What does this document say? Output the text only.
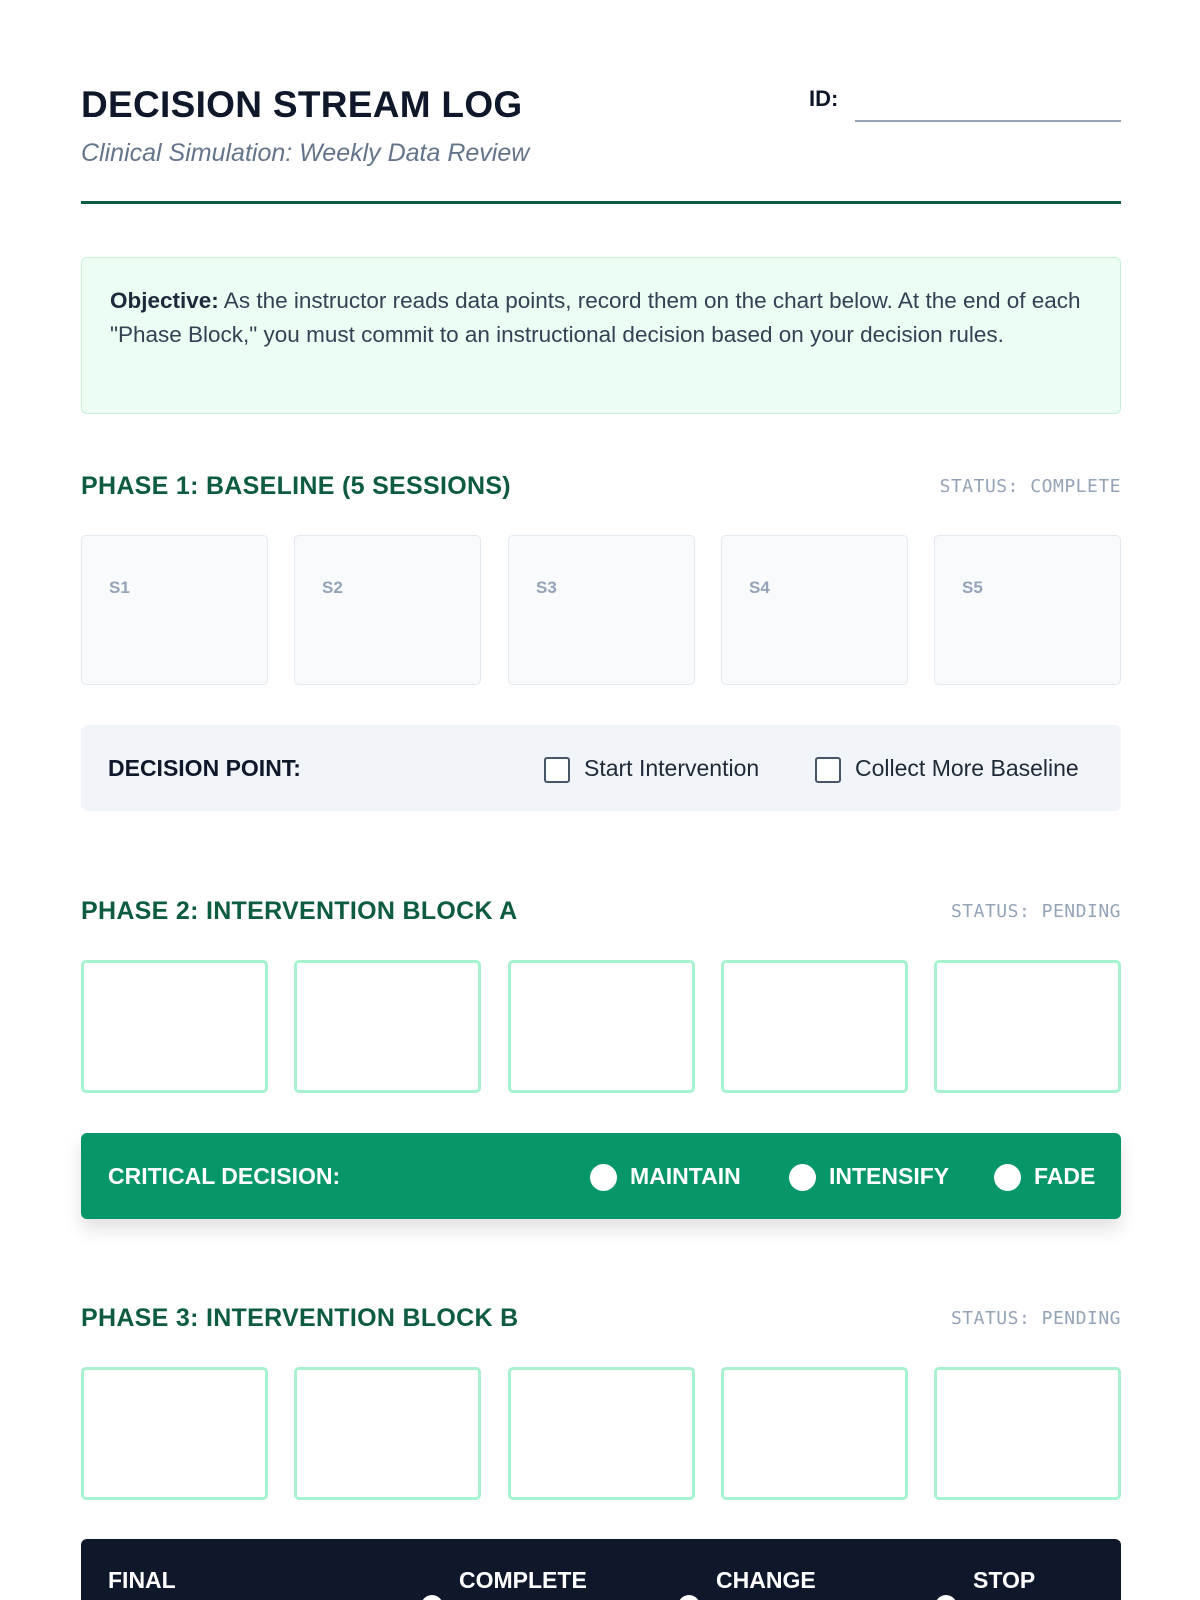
DECISION STREAM LOG
Clinical Simulation: Weekly Data Review
ID:
Objective: As the instructor reads data points, record them on the chart below. At the end of each "Phase Block," you must commit to an instructional decision based on your decision rules.
PHASE 1: BASELINE (5 SESSIONS)	STATUS: COMPLETE
S1	S2	S3	S4	S5
DECISION POINT:	Start Intervention	Collect More Baseline
PHASE 2: INTERVENTION BLOCK A	STATUS: PENDING
CRITICAL DECISION:	MAINTAIN	INTENSIFY	FADE
PHASE 3: INTERVENTION BLOCK B	STATUS: PENDING
FINAL	COMPLETE	CHANGE	STOP
